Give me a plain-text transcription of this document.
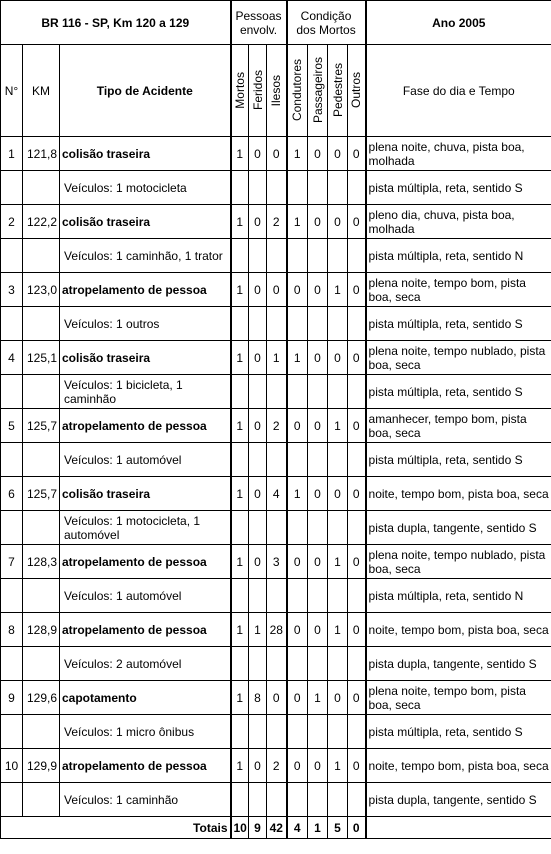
BR 116 - SP, Km 120 a 129			Pessoas envolv.			Condição dos Mortos				Ano 2005
N°	KM	Tipo de Acidente	Mortos	Feridos	Ilesos	Condutores	Passageiros	Pedestres	Outros	Fase do dia e Tempo
1	121,8	colisão traseira	1	0	0	1	0	0	0	plena noite, chuva, pista boa, molhada
		Veículos: 1 motocicleta								pista múltipla, reta, sentido S
2	122,2	colisão traseira	1	0	2	1	0	0	0	pleno dia, chuva, pista boa, molhada
		Veículos: 1 caminhão, 1 trator								pista múltipla, reta, sentido N
3	123,0	atropelamento de pessoa	1	0	0	0	0	1	0	plena noite, tempo bom, pista boa, seca
		Veículos: 1 outros								pista múltipla, reta, sentido S
4	125,1	colisão traseira	1	0	1	1	0	0	0	plena noite, tempo nublado, pista boa, seca
		Veículos: 1 bicicleta, 1 caminhão								pista múltipla, reta, sentido S
5	125,7	atropelamento de pessoa	1	0	2	0	0	1	0	amanhecer, tempo bom, pista boa, seca
		Veículos: 1 automóvel								pista múltipla, reta, sentido S
6	125,7	colisão traseira	1	0	4	1	0	0	0	noite, tempo bom, pista boa, seca
		Veículos: 1 motocicleta, 1 automóvel								pista dupla, tangente, sentido S
7	128,3	atropelamento de pessoa	1	0	3	0	0	1	0	plena noite, tempo nublado, pista boa, seca
		Veículos: 1 automóvel								pista múltipla, reta, sentido N
8	128,9	atropelamento de pessoa	1	1	28	0	0	1	0	noite, tempo bom, pista boa, seca
		Veículos: 2 automóvel								pista dupla, tangente, sentido S
9	129,6	capotamento	1	8	0	0	1	0	0	plena noite, tempo bom, pista boa, seca
		Veículos: 1 micro ônibus								pista múltipla, reta, sentido S
10	129,9	atropelamento de pessoa	1	0	2	0	0	1	0	noite, tempo bom, pista boa, seca
		Veículos: 1 caminhão								pista dupla, tangente, sentido S
		Totais	10	9	42	4	1	5	0	
